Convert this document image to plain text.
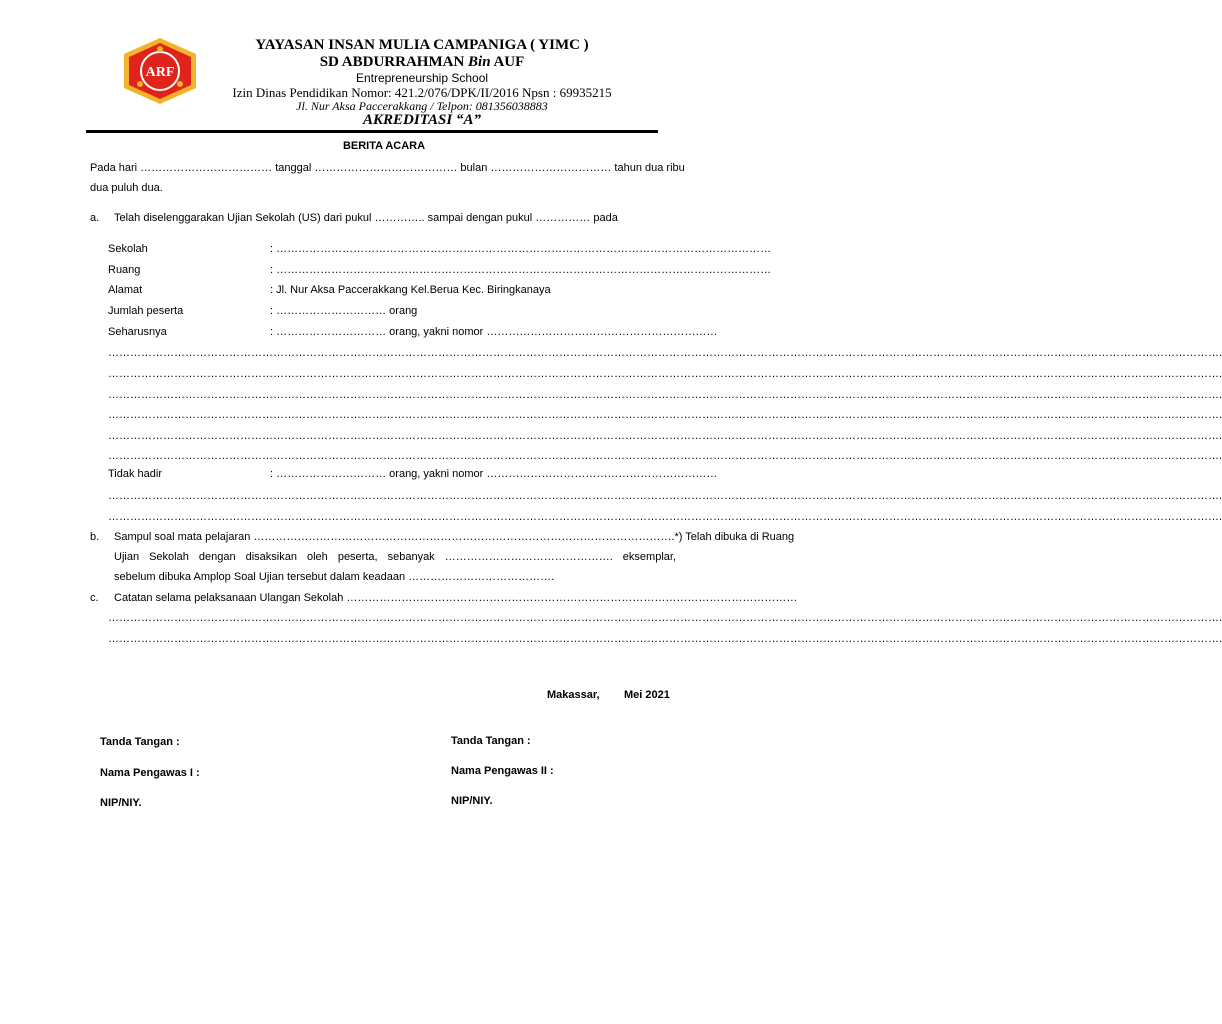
ARF
YAYASAN INSAN MULIA CAMPANIGA ( YIMC )
SD ABDURRAHMAN Bin AUF
Entrepreneurship School
Izin Dinas Pendidikan Nomor: 421.2/076/DPK/II/2016 Npsn : 69935215
Jl. Nur Aksa Paccerakkang / Telpon: 081356038883
AKREDITASI “A”
BERITA ACARA
Pada hari ……………………………… tanggal ………………………………… bulan …………………………… tahun dua ribu
dua puluh dua.
a. Telah diselenggarakan Ujian Sekolah (US) dari pukul ………….. sampai dengan pukul …………… pada
Sekolah	: ………………………………………………………………………………………………………………………
Ruang	: ………………………………………………………………………………………………………………………
Alamat	: Jl. Nur Aksa Paccerakkang Kel.Berua Kec. Biringkanaya
Jumlah peserta	: ………………………… orang
Seharusnya	: ………………………… orang, yakni nomor ………………………………………………………
…………………………………………………………………………………………………………………………………………………………………………………………………………………………………………………………………………….
…………………………………………………………………………………………………………………………………………………………………………………………………………………………………………………………………………….
…………………………………………………………………………………………………………………………………………………………………………………………………………………………………………………………………………….
…………………………………………………………………………………………………………………………………………………………………………………………………………………………………………………………………………….
…………………………………………………………………………………………………………………………………………………………………………………………………………………………………………………………………………….
…………………………………………………………………………………………………………………………………………………………………………………………………………………………………………………………………………….
Tidak hadir	: ………………………… orang, yakni nomor ………………………………………………………
…………………………………………………………………………………………………………………………………………………………………………………………………………………………………………………………………………….
…………………………………………………………………………………………………………………………………………………………………………………………………………………………………………………………………………….
b. Sampul soal mata pelajaran …………………………………………………………………………………………………….*) Telah dibuka di Ruang
Ujian Sekolah dengan disaksikan oleh peserta, sebanyak ………………………………………. eksemplar,
sebelum dibuka Amplop Soal Ujian tersebut dalam keadaan ………………………………….
c. Catatan selama pelaksanaan Ulangan Sekolah ……………………………………………………………………………………………………………
…………………………………………………………………………………………………………………………………………………………………………………………………………………………………………………………………………….
…………………………………………………………………………………………………………………………………………………………………………………………………………………………………………………………………………….
Makassar, Mei 2021
Tanda Tangan :
Nama Pengawas I :
NIP/NIY.
Tanda Tangan :
Nama Pengawas II :
NIP/NIY.
